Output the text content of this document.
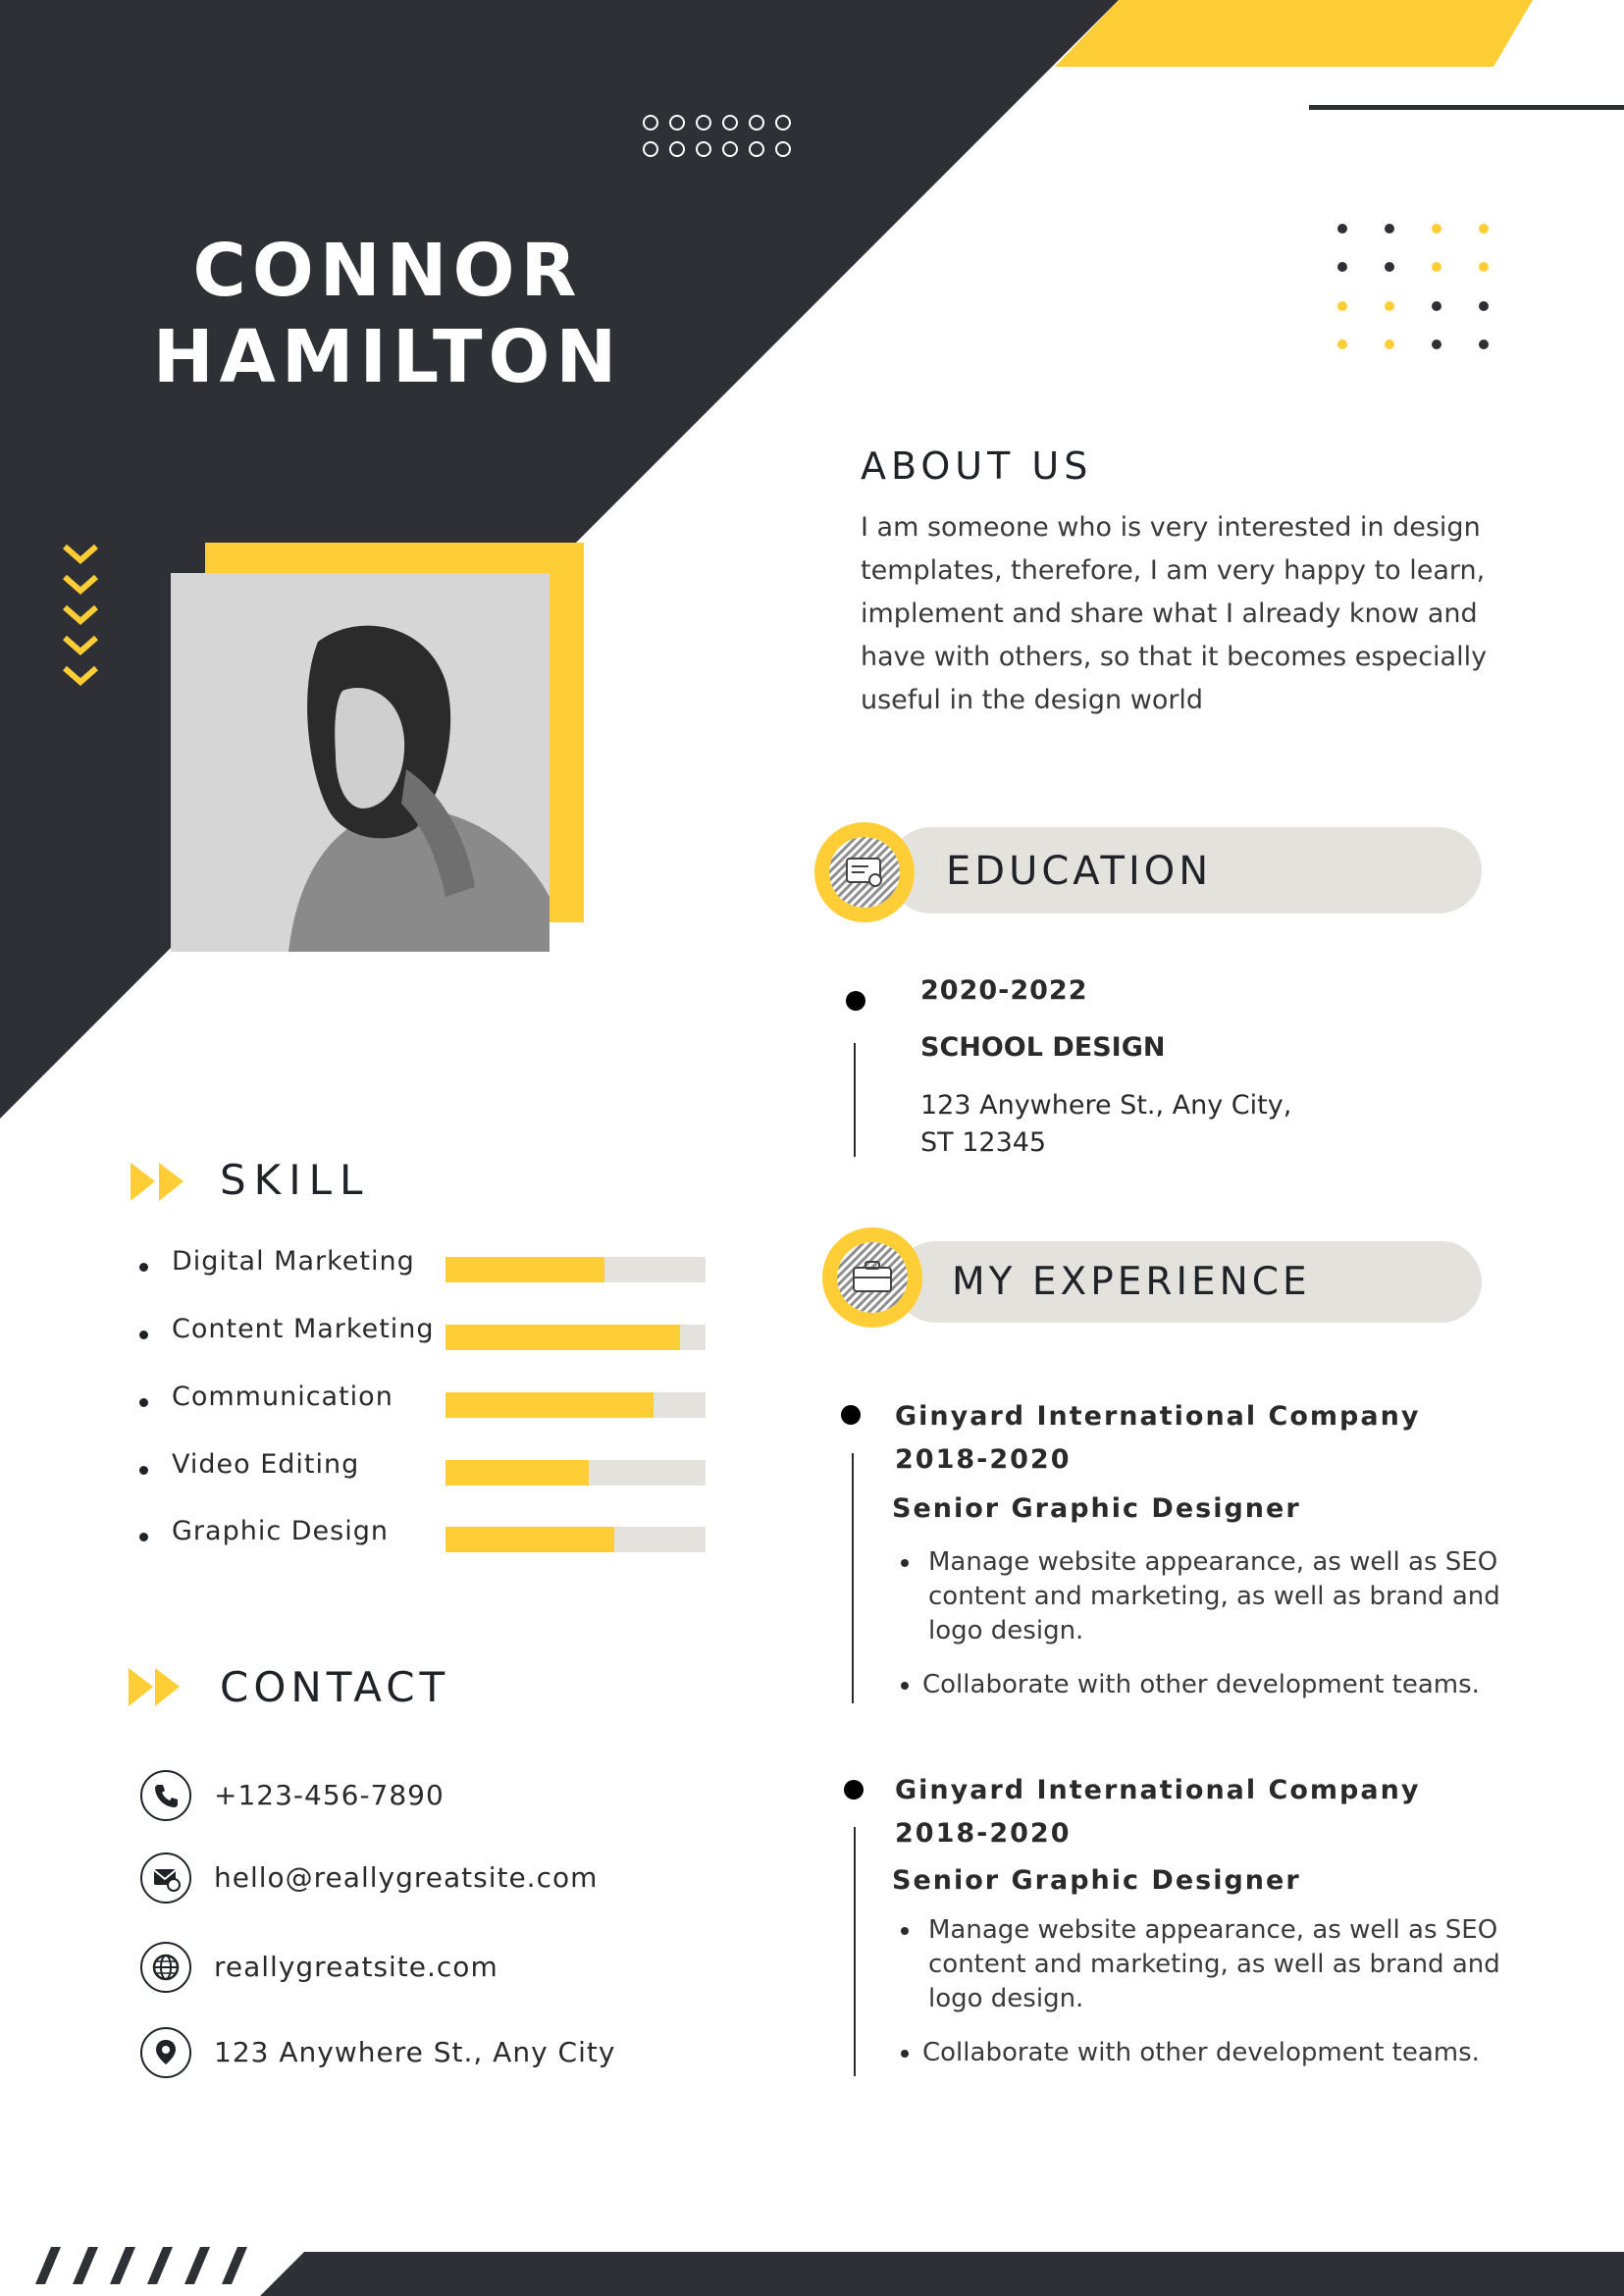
CONNOR
HAMILTON
ABOUT US
I am someone who is very interested in design templates, therefore, I am very happy to learn, implement and share what I already know and have with others, so that it becomes especially useful in the design world
EDUCATION
2020-2022
SCHOOL DESIGN
123 Anywhere St., Any City,
ST 12345
MY EXPERIENCE
Ginyard International Company
2018-2020
Senior Graphic Designer
Manage website appearance, as well as SEO content and marketing, as well as brand and logo design.
Collaborate with other development teams.
Ginyard International Company
2018-2020
Senior Graphic Designer
Manage website appearance, as well as SEO content and marketing, as well as brand and logo design.
Collaborate with other development teams.
SKILL
Digital Marketing
Content Marketing
Communication
Video Editing
Graphic Design
CONTACT
+123-456-7890
hello@reallygreatsite.com
reallygreatsite.com
123 Anywhere St., Any City
